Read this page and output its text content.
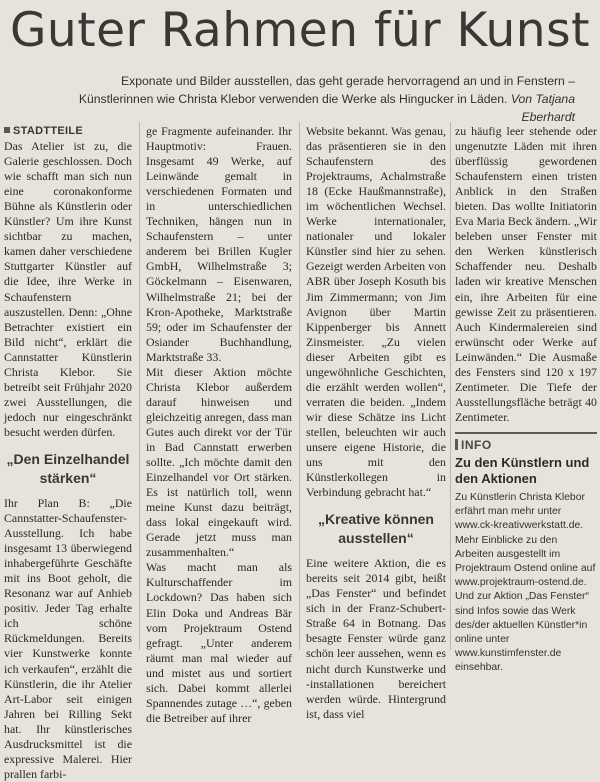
Guter Rahmen für Kunst
Exponate und Bilder ausstellen, das geht gerade hervorragend an und in Fenstern –
Künstlerinnen wie Christa Klebor verwenden die Werke als Hingucker in Läden. Von Tatjana Eberhardt
STADTTEILE

Das Atelier ist zu, die Galerie geschlossen. Doch wie schafft man sich nun eine coronakonforme Bühne als Künstlerin oder Künstler? Um ihre Kunst sichtbar zu machen, kamen daher verschiedene Stuttgarter Künstler auf die Idee, ihre Werke in Schaufenstern auszustellen. Denn: „Ohne Betrachter existiert ein Bild nicht“, erklärt die Cannstatter Künstlerin Christa Klebor. Sie betreibt seit Frühjahr 2020 zwei Ausstellungen, die jedoch nur eingeschränkt besucht werden dürfen.

„Den Einzelhandel stärken“

Ihr Plan B: „Die Cannstatter-Schaufenster-Ausstellung. Ich habe insgesamt 13 überwiegend inhabergeführte Geschäfte mit ins Boot geholt, die Resonanz war auf Anhieb positiv. Jeder Tag erhalte ich schöne Rückmeldungen. Bereits vier Kunstwerke konnte ich verkaufen“, erzählt die Künstlerin, die ihr Atelier Art-Labor seit einigen Jahren bei Rilling Sekt hat. Ihr künstlerisches Ausdrucksmittel ist die expressive Malerei. Hier prallen farbi-

ge Fragmente aufeinander. Ihr Hauptmotiv: Frauen. Insgesamt 49 Werke, auf Leinwände gemalt in verschiedenen Formaten und in unterschiedlichen Techniken, hängen nun in Schaufenstern – unter anderem bei Brillen Kugler GmbH, Wilhelmstraße 3; Göckelmann – Eisenwaren, Wilhelmstraße 21; bei der Kron-Apotheke, Marktstraße 59; oder im Schaufenster der Osiander Buchhandlung, Marktstraße 33.

Mit dieser Aktion möchte Christa Klebor außerdem darauf hinweisen und gleichzeitig anregen, dass man Gutes auch direkt vor der Tür in Bad Cannstatt erwerben sollte. „Ich möchte damit den Einzelhandel vor Ort stärken. Es ist natürlich toll, wenn meine Kunst dazu beiträgt, dass lokal eingekauft wird. Gerade jetzt muss man zusammenhalten.“

Was macht man als Kulturschaffender im Lockdown? Das haben sich Elin Doka und Andreas Bär vom Projektraum Ostend gefragt. „Unter anderem räumt man mal wieder auf und mistet aus und sortiert sich. Dabei kommt allerlei Spannendes zutage …“, geben die Betreiber auf ihrer

Website bekannt. Was genau, das präsentieren sie in den Schaufenstern des Projektraums, Achalmstraße 18 (Ecke Haußmannstraße), im wöchentlichen Wechsel. Werke internationaler, nationaler und lokaler Künstler sind hier zu sehen. Gezeigt werden Arbeiten von ABR über Joseph Kosuth bis Jim Zimmermann; von Jim Avignon über Martin Kippenberger bis Annett Zinsmeister. „Zu vielen dieser Arbeiten gibt es ungewöhnliche Geschichten, die erzählt werden wollen“, verraten die beiden. „Indem wir diese Schätze ins Licht stellen, beleuchten wir auch unsere eigene Historie, die uns mit den Künstlerkollegen in Verbindung gebracht hat.“

„Kreative können ausstellen“

Eine weitere Aktion, die es bereits seit 2014 gibt, heißt „Das Fenster“ und befindet sich in der Franz-Schubert-Straße 64 in Botnang. Das besagte Fenster würde ganz schön leer aussehen, wenn es nicht durch Kunstwerke und -installationen bereichert werden würde. Hintergrund ist, dass viel

zu häufig leer stehende oder ungenutzte Läden mit ihren überflüssig gewordenen Schaufenstern einen tristen Anblick in den Straßen bieten. Das wollte Initiatorin Eva Maria Beck ändern. „Wir beleben unser Fenster mit den Werken künstlerisch Schaffender neu. Deshalb laden wir kreative Menschen ein, ihre Arbeiten für eine gewisse Zeit zu präsentieren. Auch Kindermalereien sind erwünscht oder Werke auf Leinwänden.“ Die Ausmaße des Fensters sind 120 x 197 Zentimeter. Die Tiefe der Ausstellungsfläche beträgt 40 Zentimeter.

INFO
Zu den Künstlern und den Aktionen
Zu Künstlerin Christa Klebor erfährt man mehr unter www.ck-kreativwerkstatt.de. Mehr Einblicke zu den Arbeiten ausgestellt im Projektraum Ostend online auf www.projektraum-ostend.de. Und zur Aktion „Das Fenster“ sind Infos sowie das Werk des/der aktuellen Künstler*in online unter www.kunstimfenster.de einsehbar.
